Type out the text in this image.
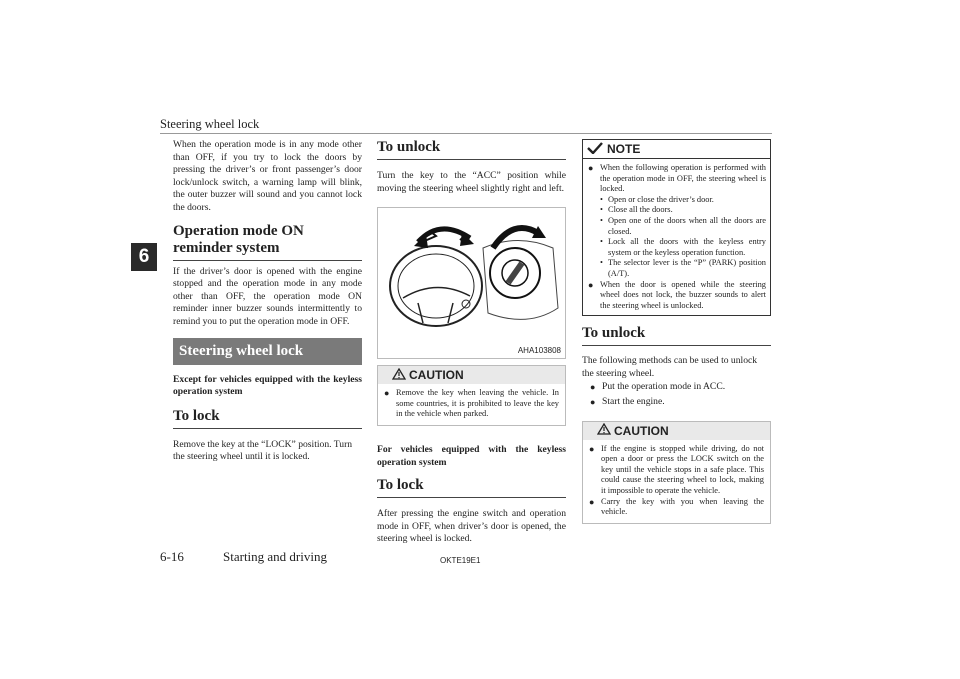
Steering wheel lock
6

When the operation mode is in any mode other than OFF, if you try to lock the doors by pressing the driver’s or front passenger’s door lock/unlock switch, a warning lamp will blink, the outer buzzer will sound and you cannot lock the doors.

Operation mode ON reminder system

If the driver’s door is opened with the engine stopped and the operation mode in any mode other than OFF, the operation mode ON reminder inner buzzer sounds intermittently to remind you to put the operation mode in OFF.

Steering wheel lock

Except for vehicles equipped with the keyless operation system

To lock

Remove the key at the “LOCK” position. Turn the steering wheel until it is locked.

To unlock

Turn the key to the “ACC” position while moving the steering wheel slightly right and left.

AHA103808
CAUTION
● Remove the key when leaving the vehicle. In some countries, it is prohibited to leave the key in the vehicle when parked.

For vehicles equipped with the keyless operation system

To lock

After pressing the engine switch and operation mode in OFF, when driver’s door is opened, the steering wheel is locked.

NOTE
● When the following operation is performed with the operation mode in OFF, the steering wheel is locked.
• Open or close the driver’s door.
• Close all the doors.
• Open one of the doors when all the doors are closed.
• Lock all the doors with the keyless entry system or the keyless operation function.
• The selector lever is the “P” (PARK) position (A/T).
● When the door is opened while the steering wheel does not lock, the buzzer sounds to alert the steering wheel is unlocked.
To unlock

The following methods can be used to unlock the steering wheel.

● Put the operation mode in ACC.
● Start the engine.
CAUTION
● If the engine is stopped while driving, do not open a door or press the LOCK switch on the key until the vehicle stops in a safe place. This could cause the steering wheel to lock, making it impossible to operate the vehicle.
● Carry the key with you when leaving the vehicle.
6-16	Starting and driving	OKTE19E1
